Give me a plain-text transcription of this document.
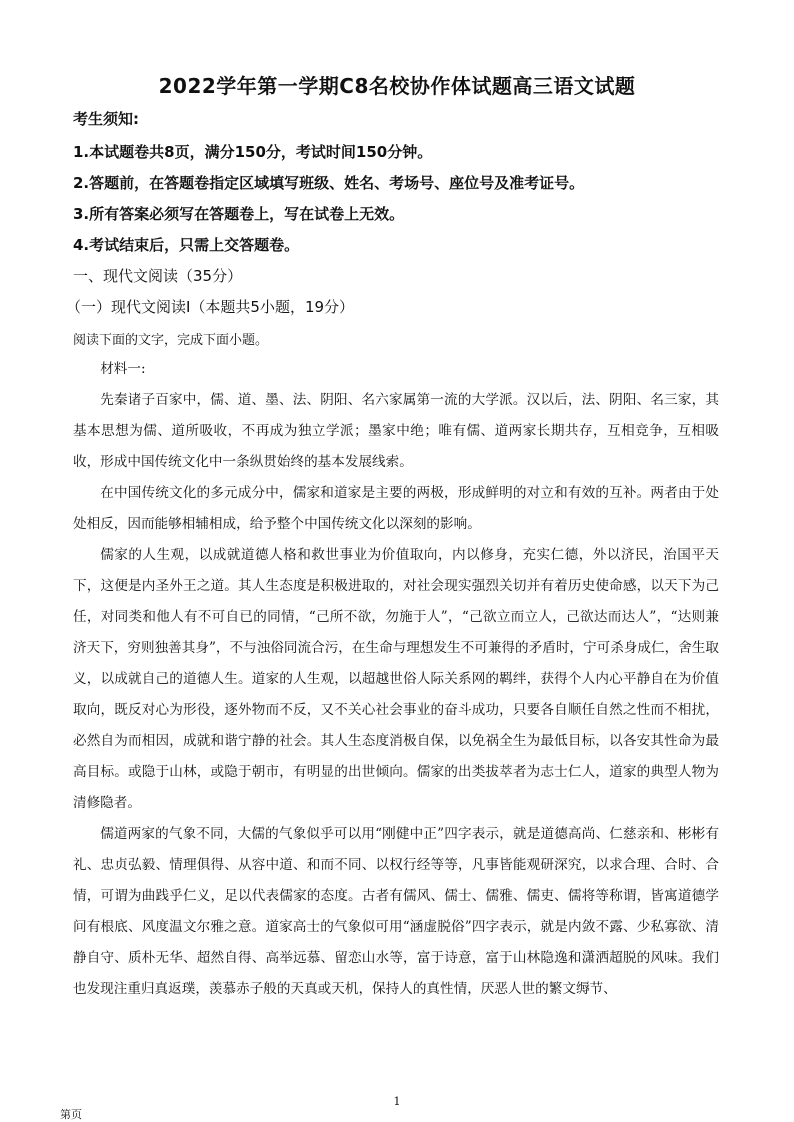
2022学年第一学期C8名校协作体试题高三语文试题
考生须知:
1.本试题卷共8页，满分150分，考试时间150分钟。
2.答题前，在答题卷指定区域填写班级、姓名、考场号、座位号及准考证号。
3.所有答案必须写在答题卷上，写在试卷上无效。
4.考试结束后，只需上交答题卷。
一、现代文阅读（35分）
（一）现代文阅读Ⅰ（本题共5小题，19分）
阅读下面的文字，完成下面小题。

材料一:

先秦诸子百家中，儒、道、墨、法、阴阳、名六家属第一流的大学派。汉以后，法、阴阳、名三家，其基本思想为儒、道所吸收，不再成为独立学派；墨家中绝；唯有儒、道两家长期共存，互相竞争，互相吸收，形成中国传统文化中一条纵贯始终的基本发展线索。

在中国传统文化的多元成分中，儒家和道家是主要的两极，形成鲜明的对立和有效的互补。两者由于处处相反，因而能够相辅相成，给予整个中国传统文化以深刻的影响。

儒家的人生观，以成就道德人格和救世事业为价值取向，内以修身，充实仁德，外以济民，治国平天下，这便是内圣外王之道。其人生态度是积极进取的，对社会现实强烈关切并有着历史使命感，以天下为己任，对同类和他人有不可自已的同情，“己所不欲，勿施于人”，“己欲立而立人，己欲达而达人”，“达则兼济天下，穷则独善其身”，不与浊俗同流合污，在生命与理想发生不可兼得的矛盾时，宁可杀身成仁，舍生取义，以成就自己的道德人生。道家的人生观，以超越世俗人际关系网的羁绊，获得个人内心平静自在为价值取向，既反对心为形役，逐外物而不反，又不关心社会事业的奋斗成功，只要各自顺任自然之性而不相扰，必然自为而相因，成就和谐宁静的社会。其人生态度消极自保，以免祸全生为最低目标，以各安其性命为最高目标。或隐于山林，或隐于朝市，有明显的出世倾向。儒家的出类拔萃者为志士仁人，道家的典型人物为清修隐者。

儒道两家的气象不同，大儒的气象似乎可以用“刚健中正”四字表示，就是道德高尚、仁慈亲和、彬彬有礼、忠贞弘毅、情理俱得、从容中道、和而不同、以权行经等等，凡事皆能观研深究，以求合理、合时、合情，可谓为曲践乎仁义，足以代表儒家的态度。古者有儒风、儒士、儒雅、儒吏、儒将等称谓，皆寓道德学问有根底、风度温文尔雅之意。道家高士的气象似可用“涵虚脱俗”四字表示，就是内敛不露、少私寡欲、清静自守、质朴无华、超然自得、高举远慕、留恋山水等，富于诗意，富于山林隐逸和潇洒超脱的风味。我们也发现注重归真返璞，羡慕赤子般的天真或天机，保持人的真性情，厌恶人世的繁文缛节、

1
第页
